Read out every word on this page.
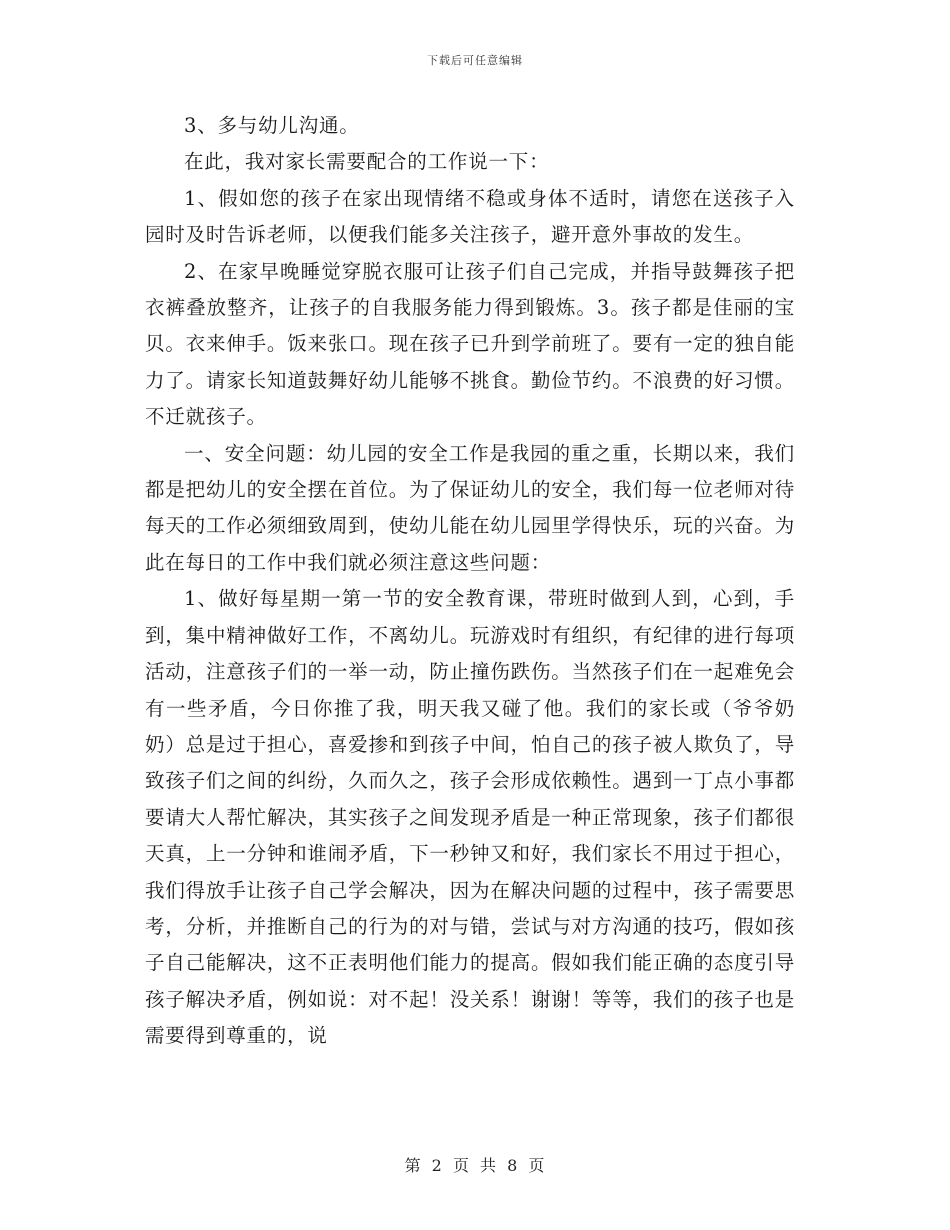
下载后可任意编辑

3、多与幼儿沟通。

在此，我对家长需要配合的工作说一下：

1、假如您的孩子在家出现情绪不稳或身体不适时，请您在送孩子入园时及时告诉老师，以便我们能多关注孩子，避开意外事故的发生。

2、在家早晚睡觉穿脱衣服可让孩子们自己完成，并指导鼓舞孩子把衣裤叠放整齐，让孩子的自我服务能力得到锻炼。3。孩子都是佳丽的宝贝。衣来伸手。饭来张口。现在孩子已升到学前班了。要有一定的独自能力了。请家长知道鼓舞好幼儿能够不挑食。勤俭节约。不浪费的好习惯。不迁就孩子。

一、安全问题：幼儿园的安全工作是我园的重之重，长期以来，我们都是把幼儿的安全摆在首位。为了保证幼儿的安全，我们每一位老师对待每天的工作必须细致周到，使幼儿能在幼儿园里学得快乐，玩的兴奋。为此在每日的工作中我们就必须注意这些问题：

1、做好每星期一第一节的安全教育课，带班时做到人到，心到，手到，集中精神做好工作，不离幼儿。玩游戏时有组织，有纪律的进行每项活动，注意孩子们的一举一动，防止撞伤跌伤。当然孩子们在一起难免会有一些矛盾，今日你推了我，明天我又碰了他。我们的家长或（爷爷奶奶）总是过于担心，喜爱掺和到孩子中间，怕自己的孩子被人欺负了，导致孩子们之间的纠纷，久而久之，孩子会形成依赖性。遇到一丁点小事都要请大人帮忙解决，其实孩子之间发现矛盾是一种正常现象，孩子们都很天真，上一分钟和谁闹矛盾，下一秒钟又和好，我们家长不用过于担心，我们得放手让孩子自己学会解决，因为在解决问题的过程中，孩子需要思考，分析，并推断自己的行为的对与错，尝试与对方沟通的技巧，假如孩子自己能解决，这不正表明他们能力的提高。假如我们能正确的态度引导孩子解决矛盾，例如说：对不起！没关系！谢谢！等等，我们的孩子也是需要得到尊重的，说

第 2 页 共 8 页
